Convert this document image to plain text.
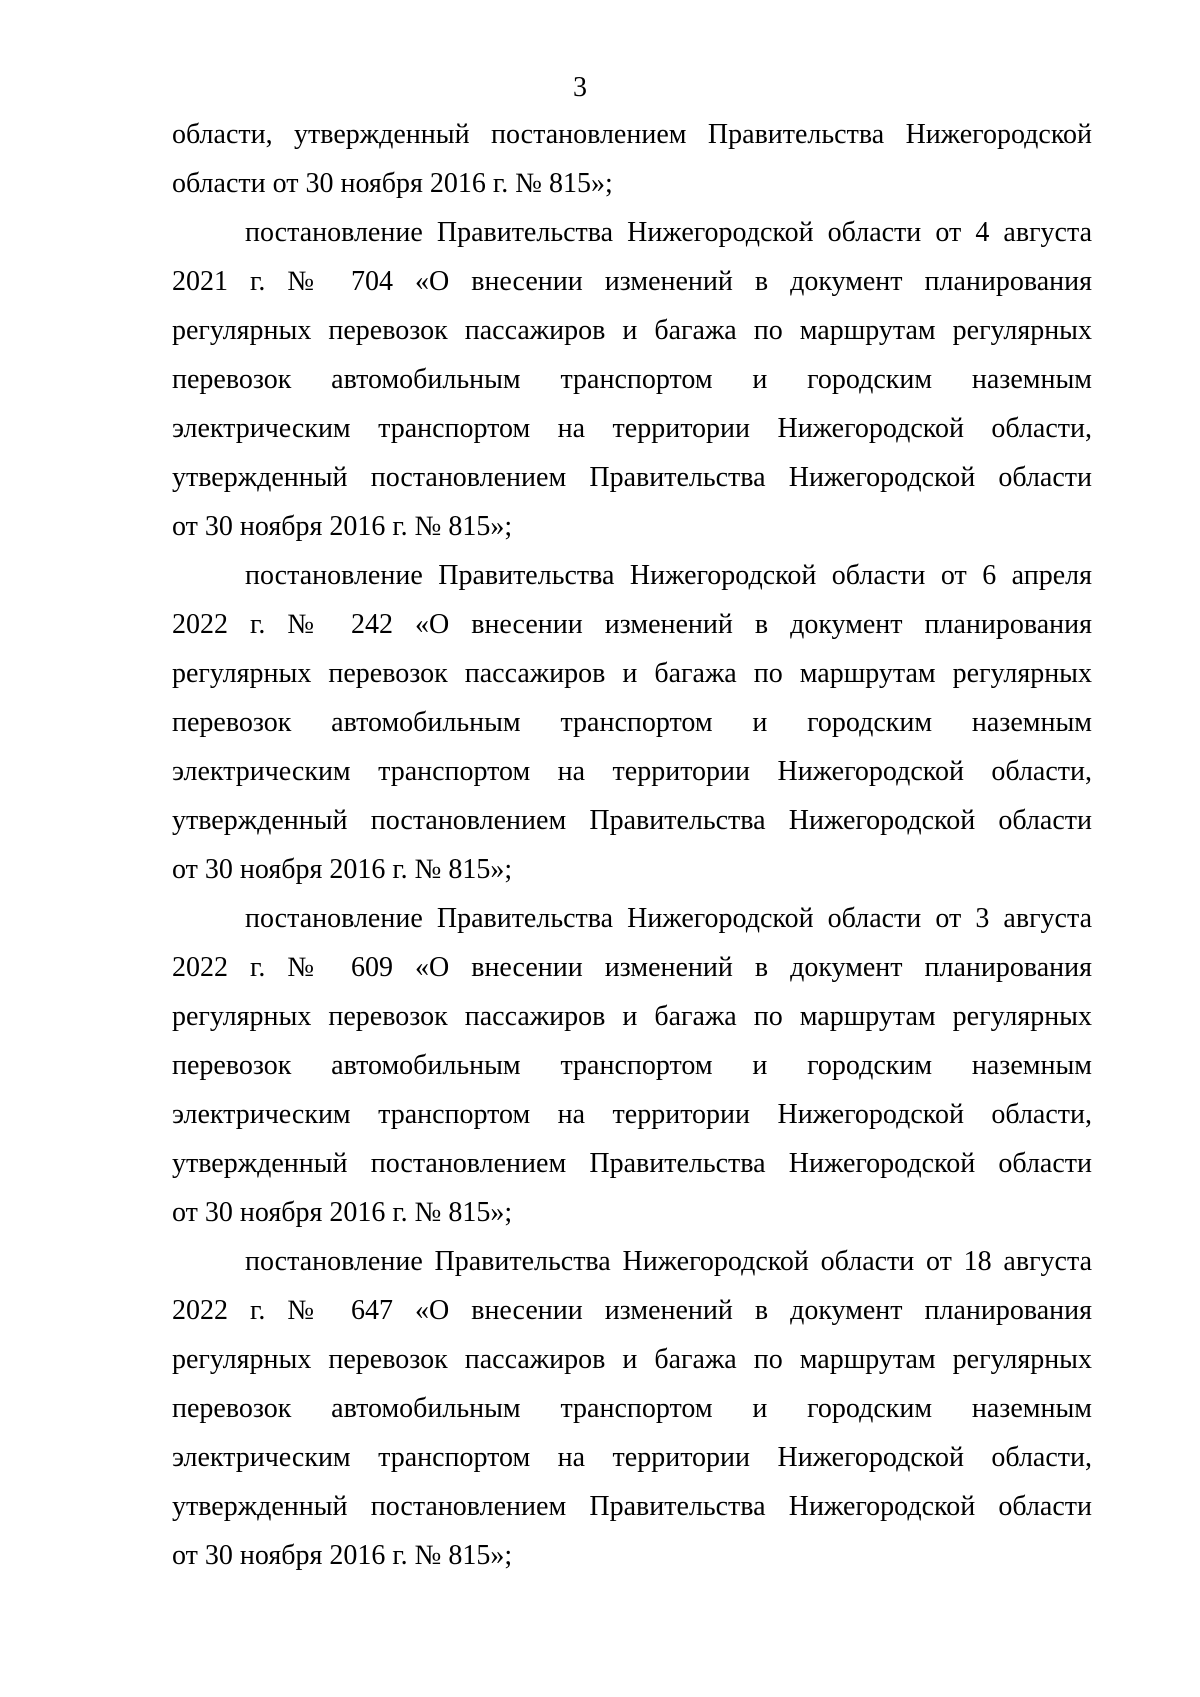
3
области, утвержденный постановлением Правительства Нижегородской
области от 30 ноября 2016 г. № 815»;
постановление Правительства Нижегородской области от 4 августа
2021 г. № 704 «О внесении изменений в документ планирования
регулярных перевозок пассажиров и багажа по маршрутам регулярных
перевозок автомобильным транспортом и городским наземным
электрическим транспортом на территории Нижегородской области,
утвержденный постановлением Правительства Нижегородской области
от 30 ноября 2016 г. № 815»;
постановление Правительства Нижегородской области от 6 апреля
2022 г. № 242 «О внесении изменений в документ планирования
регулярных перевозок пассажиров и багажа по маршрутам регулярных
перевозок автомобильным транспортом и городским наземным
электрическим транспортом на территории Нижегородской области,
утвержденный постановлением Правительства Нижегородской области
от 30 ноября 2016 г. № 815»;
постановление Правительства Нижегородской области от 3 августа
2022 г. № 609 «О внесении изменений в документ планирования
регулярных перевозок пассажиров и багажа по маршрутам регулярных
перевозок автомобильным транспортом и городским наземным
электрическим транспортом на территории Нижегородской области,
утвержденный постановлением Правительства Нижегородской области
от 30 ноября 2016 г. № 815»;
постановление Правительства Нижегородской области от 18 августа
2022 г. № 647 «О внесении изменений в документ планирования
регулярных перевозок пассажиров и багажа по маршрутам регулярных
перевозок автомобильным транспортом и городским наземным
электрическим транспортом на территории Нижегородской области,
утвержденный постановлением Правительства Нижегородской области
от 30 ноября 2016 г. № 815»;
